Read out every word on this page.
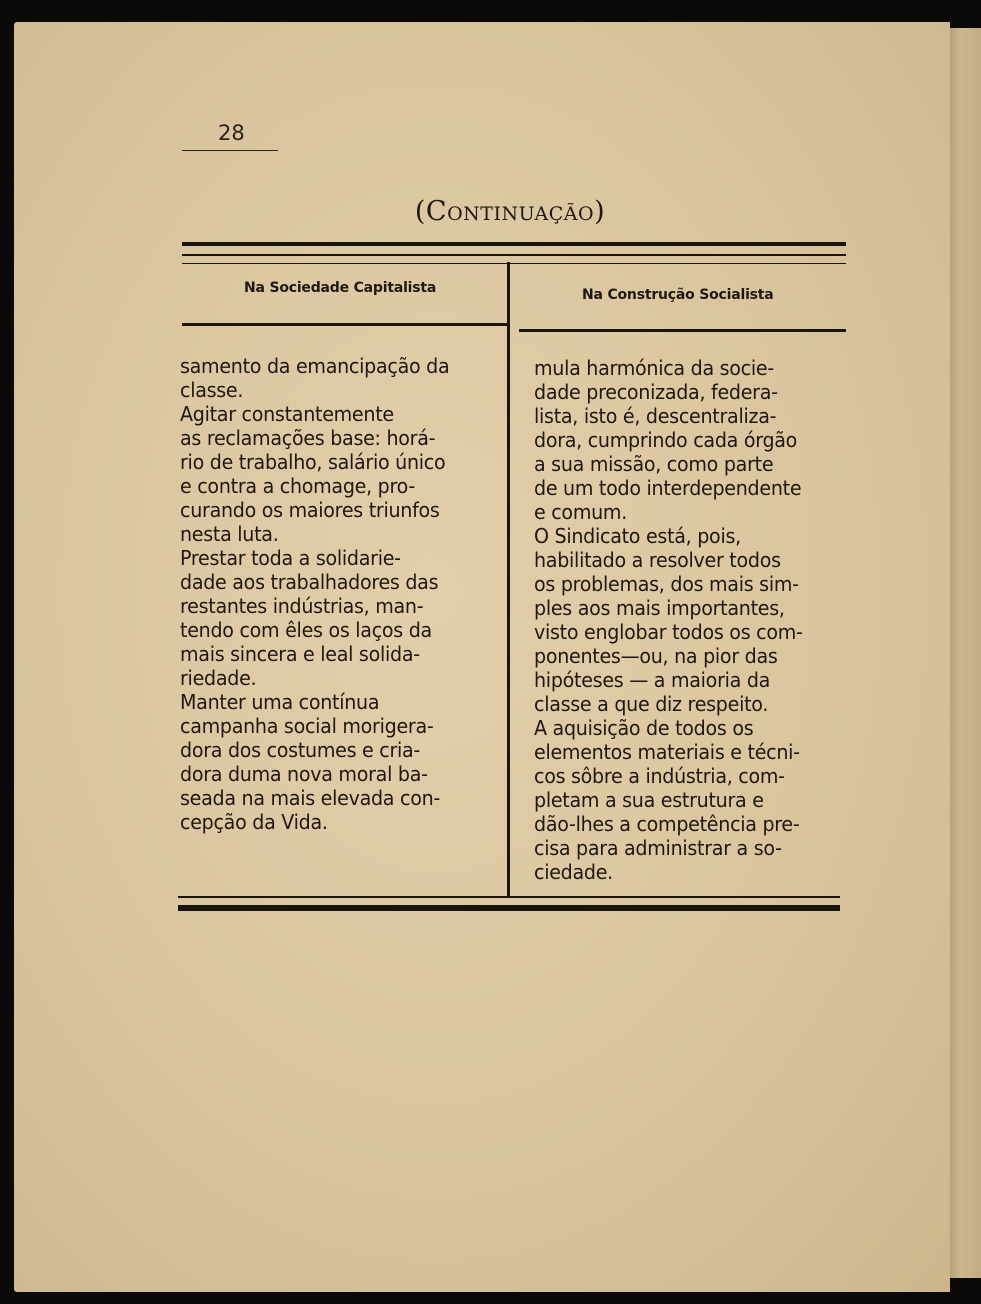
28
(Continuação)
Na Sociedade Capitalista	Na Construção Socialista
samento da emancipação da
classe.
Agitar constantemente
as reclamações base: horá-
rio de trabalho, salário único
e contra a chomage, pro-
curando os maiores triunfos
nesta luta.
Prestar toda a solidarie-
dade aos trabalhadores das
restantes indústrias, man-
tendo com êles os laços da
mais sincera e leal solida-
riedade.
Manter uma contínua
campanha social morigera-
dora dos costumes e cria-
dora duma nova moral ba-
seada na mais elevada con-
cepção da Vida.
mula harmónica da socie-
dade preconizada, federa-
lista, isto é, descentraliza-
dora, cumprindo cada órgão
a sua missão, como parte
de um todo interdependente
e comum.
O Sindicato está, pois,
habilitado a resolver todos
os problemas, dos mais sim-
ples aos mais importantes,
visto englobar todos os com-
ponentes—ou, na pior das
hipóteses — a maioria da
classe a que diz respeito.
A aquisição de todos os
elementos materiais e técni-
cos sôbre a indústria, com-
pletam a sua estrutura e
dão-lhes a competência pre-
cisa para administrar a so-
ciedade.
